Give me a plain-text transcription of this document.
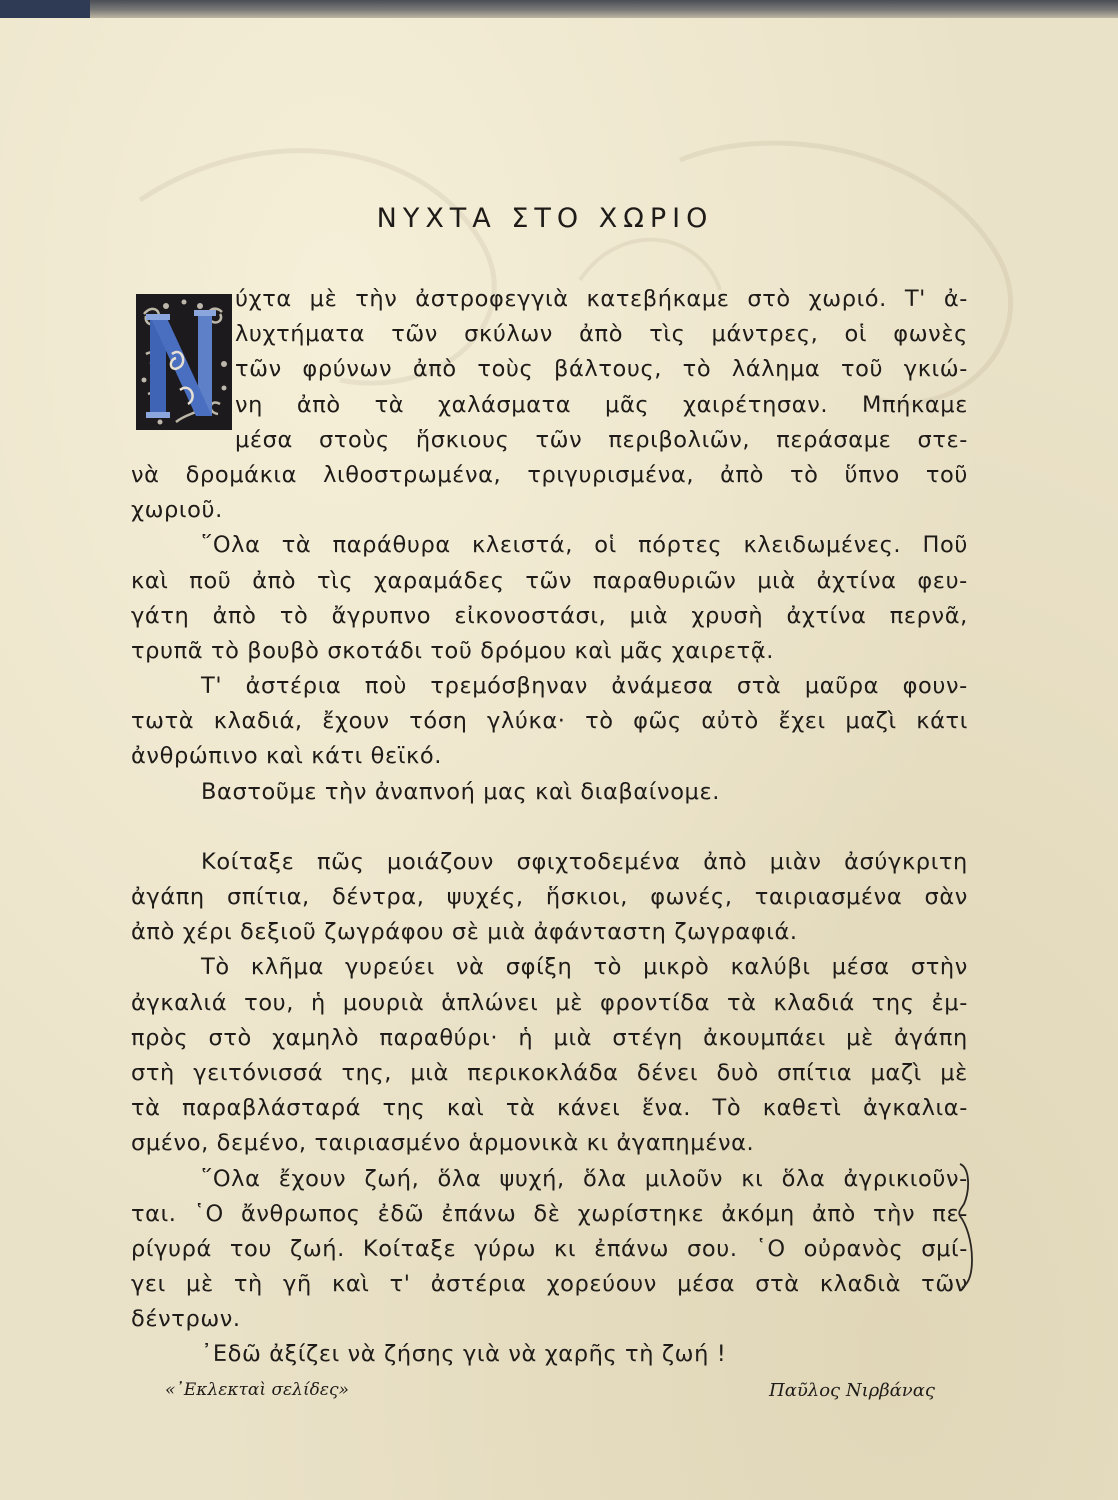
ΝΥΧΤΑ ΣΤΟ ΧΩΡΙΟ
ύχτα μὲ τὴν ἀστροφεγγιὰ κατεβήκαμε στὸ χωριό. Τ' ἀ-
λυχτήματα τῶν σκύλων ἀπὸ τὶς μάντρες, οἱ φωνὲς
τῶν φρύνων ἀπὸ τοὺς βάλτους, τὸ λάλημα τοῦ γκιώ-
νη ἀπὸ τὰ χαλάσματα μᾶς χαιρέτησαν. Μπήκαμε
μέσα στοὺς ἥσκιους τῶν περιβολιῶν, περάσαμε στε-
νὰ δρομάκια λιθοστρωμένα, τριγυρισμένα, ἀπὸ τὸ ὕπνο τοῦ
χωριοῦ.
῞Ολα τὰ παράθυρα κλειστά, οἱ πόρτες κλειδωμένες. Ποῦ
καὶ ποῦ ἀπὸ τὶς χαραμάδες τῶν παραθυριῶν μιὰ ἀχτίνα φευ-
γάτη ἀπὸ τὸ ἄγρυπνο εἰκονοστάσι, μιὰ χρυσὴ ἀχτίνα περνᾶ,
τρυπᾶ τὸ βουβὸ σκοτάδι τοῦ δρόμου καὶ μᾶς χαιρετᾷ.
Τ' ἀστέρια ποὺ τρεμόσβηναν ἀνάμεσα στὰ μαῦρα φουν-
τωτὰ κλαδιά, ἔχουν τόση γλύκα· τὸ φῶς αὐτὸ ἔχει μαζὶ κάτι
ἀνθρώπινο καὶ κάτι θεϊκό.
Βαστοῦμε τὴν ἀναπνοή μας καὶ διαβαίνομε.
Κοίταξε πῶς μοιάζουν σφιχτοδεμένα ἀπὸ μιὰν ἀσύγκριτη
ἀγάπη σπίτια, δέντρα, ψυχές, ἥσκιοι, φωνές, ταιριασμένα σὰν
ἀπὸ χέρι δεξιοῦ ζωγράφου σὲ μιὰ ἀφάνταστη ζωγραφιά.
Τὸ κλῆμα γυρεύει νὰ σφίξη τὸ μικρὸ καλύβι μέσα στὴν
ἀγκαλιά του, ἡ μουριὰ ἁπλώνει μὲ φροντίδα τὰ κλαδιά της ἐμ-
πρὸς στὸ χαμηλὸ παραθύρι· ἡ μιὰ στέγη ἀκουμπάει μὲ ἀγάπη
στὴ γειτόνισσά της, μιὰ περικοκλάδα δένει δυὸ σπίτια μαζὶ μὲ
τὰ παραβλάσταρά της καὶ τὰ κάνει ἕνα. Τὸ καθετὶ ἀγκαλια-
σμένο, δεμένο, ταιριασμένο ἁρμονικὰ κι ἀγαπημένα.
῞Ολα ἔχουν ζωή, ὅλα ψυχή, ὅλα μιλοῦν κι ὅλα ἀγρικιοῦν-
ται. ῾Ο ἄνθρωπος ἐδῶ ἐπάνω δὲ χωρίστηκε ἀκόμη ἀπὸ τὴν πε-
ρίγυρά του ζωή. Κοίταξε γύρω κι ἐπάνω σου. ῾Ο οὐρανὸς σμί-
γει μὲ τὴ γῆ καὶ τ' ἀστέρια χορεύουν μέσα στὰ κλαδιὰ τῶν
δέντρων.
᾽Εδῶ ἀξίζει νὰ ζήσης γιὰ νὰ χαρῆς τὴ ζωή !
«᾽Εκλεκταὶ σελίδες»	Παῦλος Νιρβάνας
